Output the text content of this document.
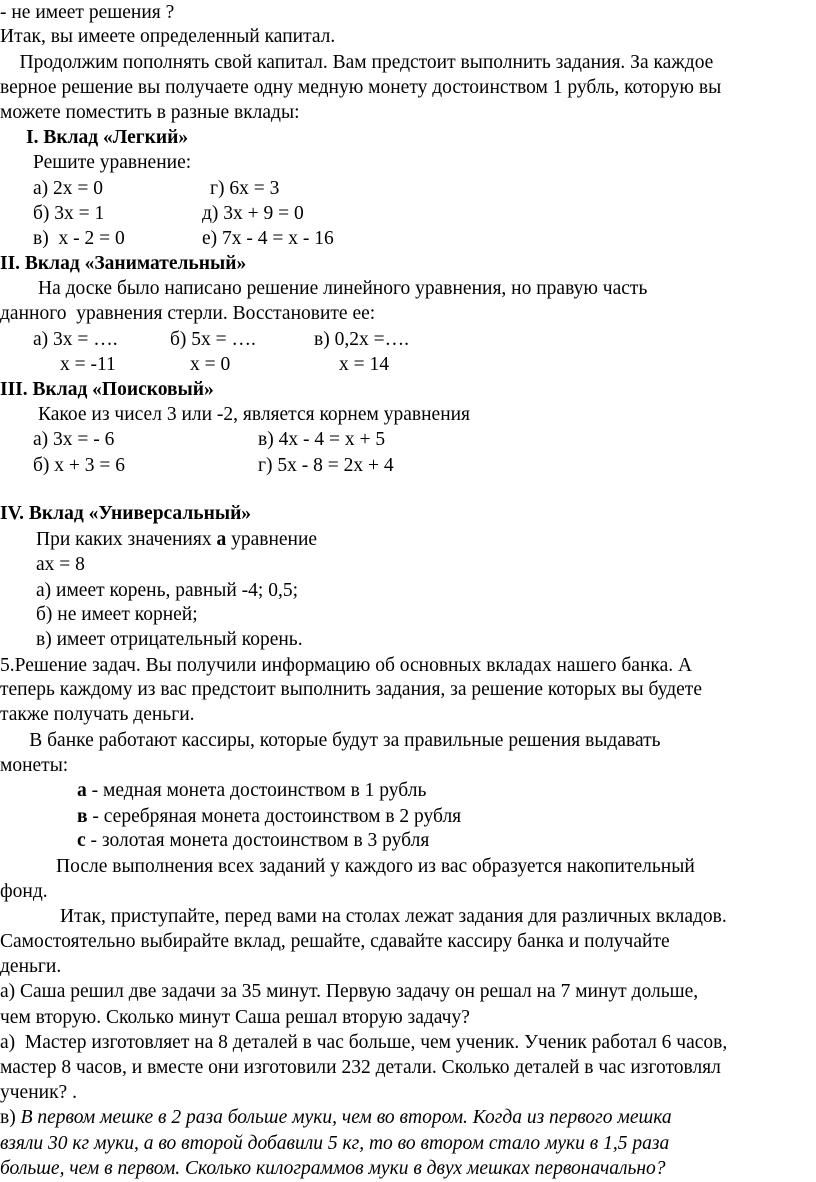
- не имеет решения ?
Итак, вы имеете определенный капитал.
Продолжим пополнять свой капитал. Вам предстоит выполнить задания. За каждое
верное решение вы получаете одну медную монету достоинством 1 рубль, которую вы
можете поместить в разные вклады:
I. Вклад «Легкий»
Решите уравнение:
а) 2x = 0	г) 6x = 3
б) 3x = 1	д) 3x + 9 = 0
в)  x - 2 = 0	е) 7x - 4 = x - 16
II. Вклад «Занимательный»
На доске было написано решение линейного уравнения, но правую часть
данного  уравнения стерли. Восстановите ее:
а) 3x = ….	б) 5x = ….	в) 0,2x =….
x = -11	x = 0	x = 14
III. Вклад «Поисковый»
Какое из чисел 3 или -2, является корнем уравнения
а) 3x = - 6	в) 4x - 4 = x + 5
б) x + 3 = 6	г) 5x - 8 = 2x + 4
IV. Вклад «Универсальный»
При каких значениях а уравнение
ax = 8
а) имеет корень, равный -4; 0,5;
б) не имеет корней;
в) имеет отрицательный корень.
5.Решение задач. Вы получили информацию об основных вкладах нашего банка. А
теперь каждому из вас предстоит выполнить задания, за решение которых вы будете
также получать деньги.
В банке работают кассиры, которые будут за правильные решения выдавать
монеты:
а - медная монета достоинством в 1 рубль
в - серебряная монета достоинством в 2 рубля
с - золотая монета достоинством в 3 рубля
После выполнения всех заданий у каждого из вас образуется накопительный
фонд.
Итак, приступайте, перед вами на столах лежат задания для различных вкладов.
Самостоятельно выбирайте вклад, решайте, сдавайте кассиру банка и получайте
деньги.
а) Саша решил две задачи за 35 минут. Первую задачу он решал на 7 минут дольше,
чем вторую. Сколько минут Саша решал вторую задачу?
а)  Мастер изготовляет на 8 деталей в час больше, чем ученик. Ученик работал 6 часов,
мастер 8 часов, и вместе они изготовили 232 детали. Сколько деталей в час изготовлял
ученик? .
в) В первом мешке в 2 раза больше муки, чем во втором. Когда из первого мешка
взяли 30 кг муки, а во второй добавили 5 кг, то во втором стало муки в 1,5 раза
больше, чем в первом. Сколько килограммов муки в двух мешках первоначально?
